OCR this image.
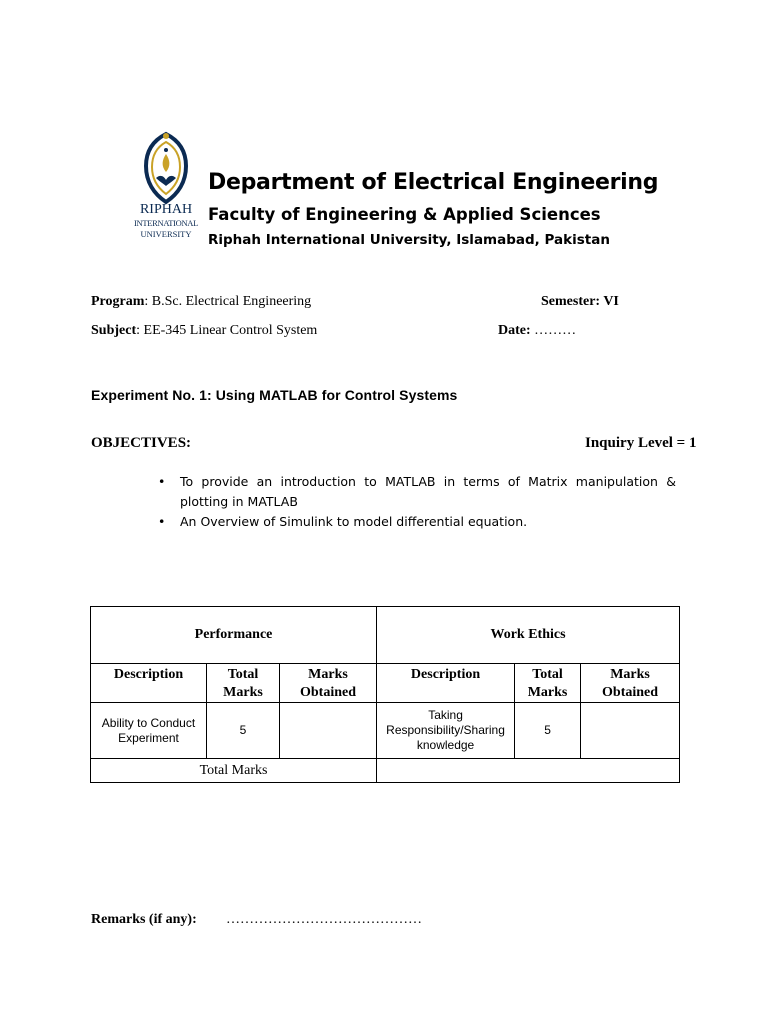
RIPHAH
INTERNATIONAL
UNIVERSITY
Department of Electrical Engineering
Faculty of Engineering & Applied Sciences
Riphah International University, Islamabad, Pakistan
Program: B.Sc. Electrical Engineering	Semester: VI
Subject: EE-345 Linear Control System	Date: ………
Experiment No. 1: Using MATLAB for Control Systems
OBJECTIVES:	Inquiry Level = 1
•	To provide an introduction to MATLAB in terms of Matrix manipulation & plotting in MATLAB
•	An Overview of Simulink to model differential equation.
Performance			Work Ethics		
Description	Total Marks	Marks Obtained	Description	Total Marks	Marks Obtained
Ability to Conduct Experiment	5		Taking Responsibility/Sharing knowledge	5	
Total Marks					
Remarks (if any): ……………………………………
